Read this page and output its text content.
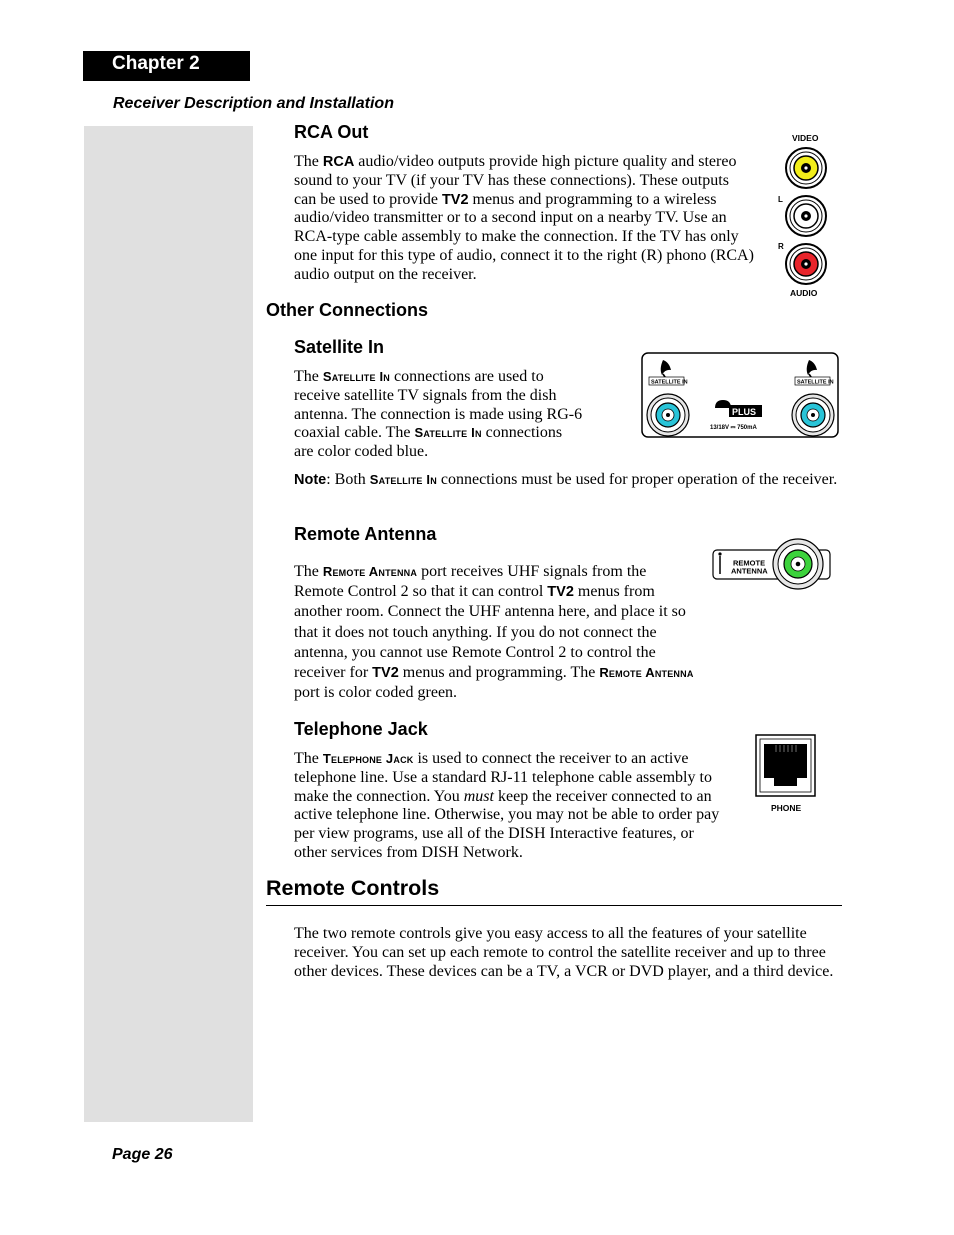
Chapter 2
Receiver Description and Installation
RCA Out

The RCA audio/video outputs provide high picture quality and stereo sound to your TV (if your TV has these connections). These outputs can be used to provide TV2 menus and programming to a wireless audio/video transmitter or to a second input on a nearby TV. Use an RCA-type cable assembly to make the connection. If the TV has only one input for this type of audio, connect it to the right (R) phono (RCA) audio output on the receiver.

VIDEO
L
R
AUDIO
Other Connections
Satellite In

The Satellite In connections are used to receive satellite TV signals from the dish antenna. The connection is made using RG-6 coaxial cable. The Satellite In connections are color coded blue.

SATELLITE IN	SATELLITE IN
PLUS
13/18V ⎓ 750mA

Note: Both Satellite In connections must be used for proper operation of the receiver.

Remote Antenna

The Remote Antenna port receives UHF signals from the Remote Control 2 so that it can control TV2 menus from another room. Connect the UHF antenna here, and place it so that it does not touch anything. If you do not connect the antenna, you cannot use Remote Control 2 to control the receiver for TV2 menus and programming. The Remote Antenna port is color coded green.

REMOTE
ANTENNA
Telephone Jack

The Telephone Jack is used to connect the receiver to an active telephone line. Use a standard RJ-11 telephone cable assembly to make the connection. You must keep the receiver connected to an active telephone line. Otherwise, you may not be able to order pay per view programs, use all of the DISH Interactive features, or other services from DISH Network.

PHONE
Remote Controls

The two remote controls give you easy access to all the features of your satellite receiver. You can set up each remote to control the satellite receiver and up to three other devices. These devices can be a TV, a VCR or DVD player, and a third device.

Page 26
